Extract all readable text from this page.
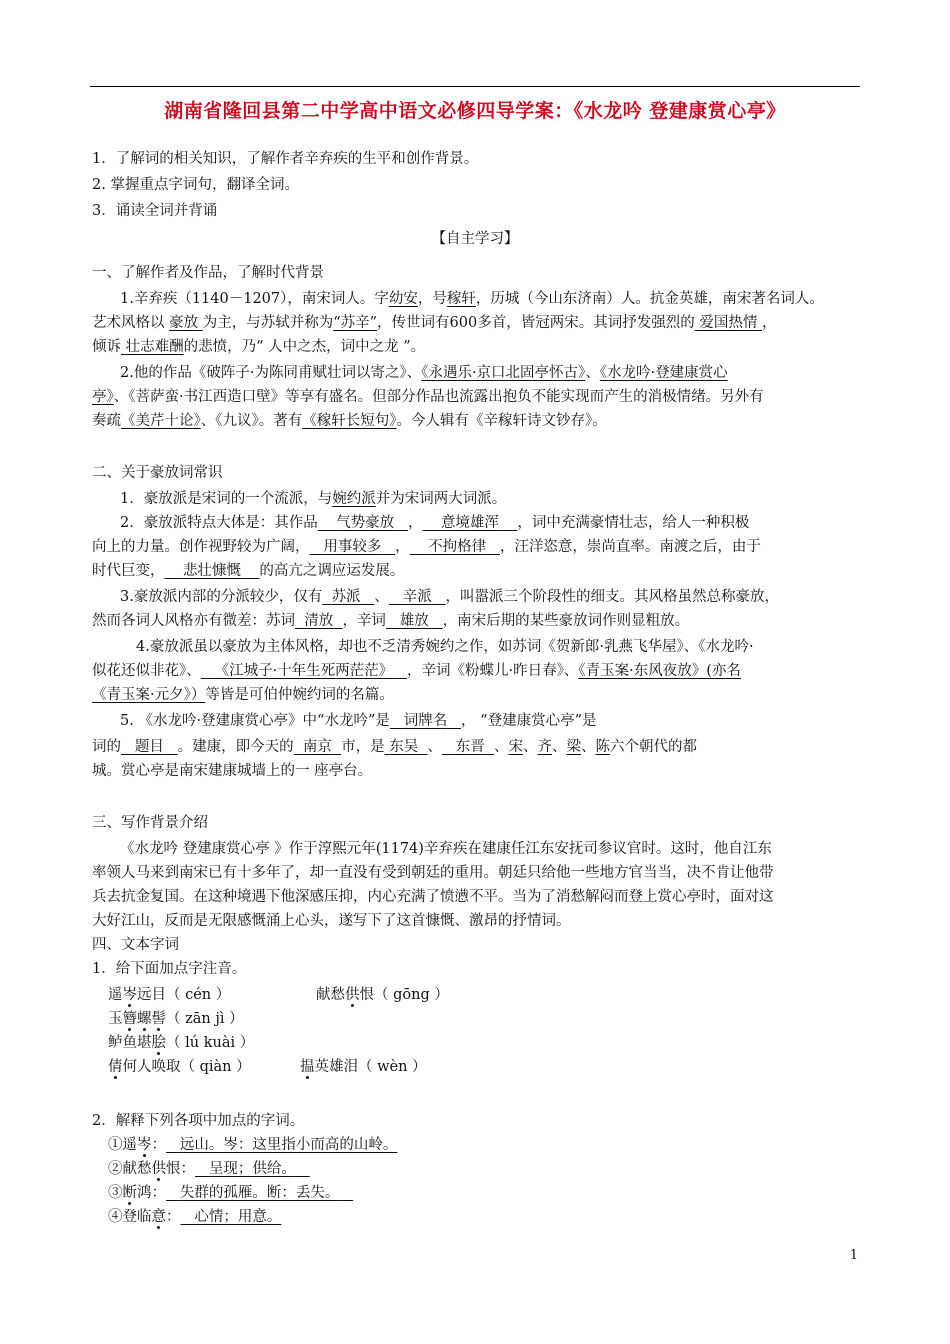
湖南省隆回县第二中学高中语文必修四导学案：《水龙吟 登建康赏心亭》
1．了解词的相关知识，了解作者辛弃疾的生平和创作背景。
2. 掌握重点字词句，翻译全词。
3．诵读全词并背诵
【自主学习】
一、了解作者及作品，了解时代背景
1.辛弃疾（1140－1207），南宋词人。字幼安，号稼轩，历城（今山东济南）人。抗金英雄，南宋著名词人。
艺术风格以 豪放 为主，与苏轼并称为“苏辛”，传世词有600多首，皆冠两宋。其词抒发强烈的 爱国热情 ，
倾诉 壮志难酬的悲愤，乃“ 人中之杰，词中之龙 ”。
2.他的作品《破阵子·为陈同甫赋壮词以寄之》、《永遇乐·京口北固亭怀古》、《水龙吟·登建康赏心
亭》、《菩萨蛮·书江西造口壁》等享有盛名。但部分作品也流露出抱负不能实现而产生的消极情绪。另外有
奏疏《美芹十论》、《九议》。著有《稼轩长短句》。今人辑有《辛稼轩诗文钞存》。
二、关于豪放词常识
1．豪放派是宋词的一个流派，与婉约派并为宋词两大词派。
2．豪放派特点大体是：其作品 气势豪放 ， 意境雄浑 ，词中充满豪情壮志，给人一种积极
向上的力量。创作视野较为广阔， 用事较多 ， 不拘格律 ，汪洋恣意，崇尚直率。南渡之后，由于
时代巨变， 悲壮慷慨 的高亢之调应运发展。
3.豪放派内部的分派较少，仅有 苏派 、 辛派 ，叫嚣派三个阶段性的细支。其风格虽然总称豪放，
然而各词人风格亦有微差：苏词 清放 ，辛词 雄放 ，南宋后期的某些豪放词作则显粗放。
4.豪放派虽以豪放为主体风格，却也不乏清秀婉约之作，如苏词《贺新郎·乳燕飞华屋》、《水龙吟·
似花还似非花》、 《江城子·十年生死两茫茫》 ，辛词《粉蝶儿·昨日春》、《青玉案·东风夜放》(亦名
《青玉案·元夕》）等皆是可伯仲婉约词的名篇。
5. 《水龙吟·登建康赏心亭》中“水龙吟”是 词牌名 ， “登建康赏心亭”是
词的 题目 。建康，即今天的 南京 市，是 东吴 、 东晋 、宋、齐、梁、陈六个朝代的都
城。赏心亭是南宋建康城墙上的一 座亭台。
三、写作背景介绍
《水龙吟 登建康赏心亭 》作于淳熙元年(1174)辛弃疾在建康任江东安抚司参议官时。这时，他自江东
率领人马来到南宋已有十多年了，却一直没有受到朝廷的重用。朝廷只给他一些地方官当当，决不肯让他带
兵去抗金复国。在这种境遇下他深感压抑，内心充满了愤懑不平。当为了消愁解闷而登上赏心亭时，面对这
大好江山，反而是无限感慨涌上心头，遂写下了这首慷慨、激昂的抒情词。
四、文本字词
1．给下面加点字注音。
遥岑远目（ cén ）	献愁供恨（ gōng ）
玉簪螺髻（ zān jì ）
鲈鱼堪脍（ lú kuài ）
倩何人唤取（ qiàn ）	揾英雄泪（ wèn ）
2．解释下列各项中加点的字词。
①遥岑： 远山。岑：这里指小而高的山岭。
②献愁供恨： 呈现；供给。
③断鸿： 失群的孤雁。断：丢失。
④登临意： 心情；用意。
1
